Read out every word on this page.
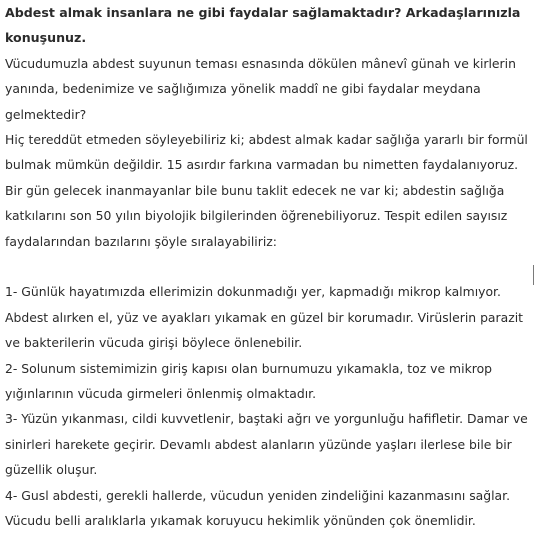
Abdest almak insanlara ne gibi faydalar sağlamaktadır? Arkadaşlarınızla konuşunuz.

Vücudumuzla abdest suyunun teması esnasında dökülen mânevî günah ve kirlerin yanında, bedenimize ve sağlığımıza yönelik maddî ne gibi faydalar meydana gelmektedir?

Hiç tereddüt etmeden söyleyebiliriz ki; abdest almak kadar sağlığa yararlı bir formül bulmak mümkün değildir. 15 asırdır farkına varmadan bu nimetten faydalanıyoruz. Bir gün gelecek inanmayanlar bile bunu taklit edecek ne var ki; abdestin sağlığa katkılarını son 50 yılın biyolojik bilgilerinden öğrenebiliyoruz. Tespit edilen sayısız faydalarından bazılarını şöyle sıralayabiliriz:

1- Günlük hayatımızda ellerimizin dokunmadığı yer, kapmadığı mikrop kalmıyor. Abdest alırken el, yüz ve ayakları yıkamak en güzel bir korumadır. Virüslerin parazit ve bakterilerin vücuda girişi böylece önlenebilir.

2- Solunum sistemimizin giriş kapısı olan burnumuzu yıkamakla, toz ve mikrop yığınlarının vücuda girmeleri önlenmiş olmaktadır.

3- Yüzün yıkanması, cildi kuvvetlenir, baştaki ağrı ve yorgunluğu hafifletir. Damar ve sinirleri harekete geçirir. Devamlı abdest alanların yüzünde yaşları ilerlese bile bir güzellik oluşur.

4- Gusl abdesti, gerekli hallerde, vücudun yeniden zindeliğini kazanmasını sağlar. Vücudu belli aralıklarla yıkamak koruyucu hekimlik yönünden çok önemlidir.
